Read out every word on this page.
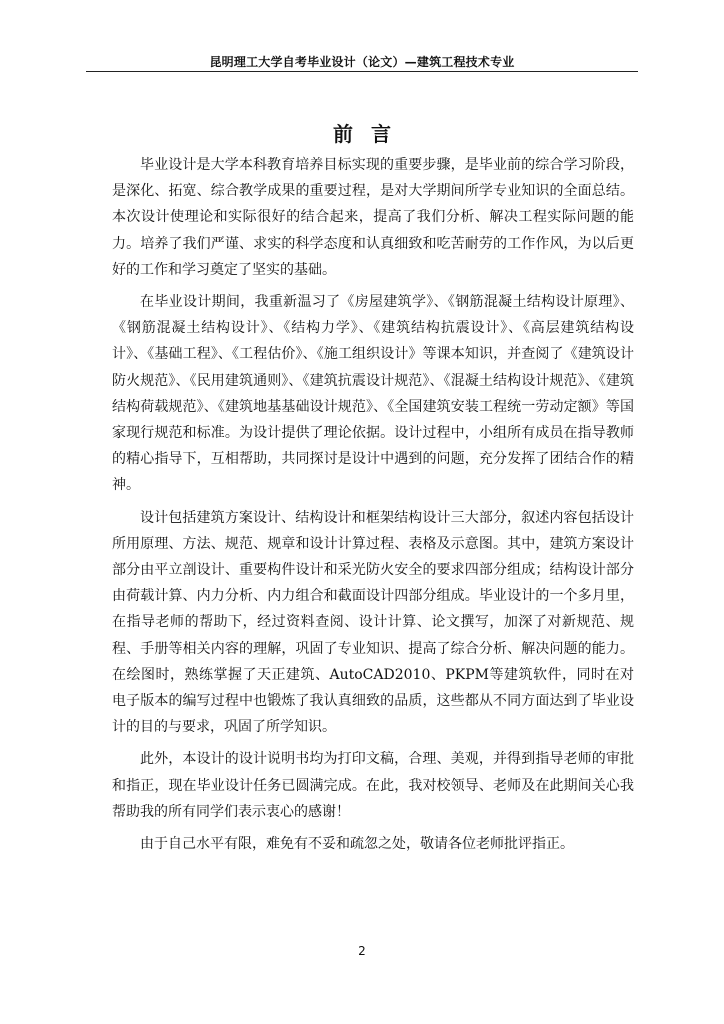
昆明理工大学自考毕业设计（论文）—建筑工程技术专业
前言

毕业设计是大学本科教育培养目标实现的重要步骤，是毕业前的综合学习阶段，是深化、拓宽、综合教学成果的重要过程，是对大学期间所学专业知识的全面总结。本次设计使理论和实际很好的结合起来，提高了我们分析、解决工程实际问题的能力。培养了我们严谨、求实的科学态度和认真细致和吃苦耐劳的工作作风，为以后更好的工作和学习奠定了坚实的基础。

在毕业设计期间，我重新温习了《房屋建筑学》、《钢筋混凝土结构设计原理》、《钢筋混凝土结构设计》、《结构力学》、《建筑结构抗震设计》、《高层建筑结构设计》、《基础工程》、《工程估价》、《施工组织设计》等课本知识，并查阅了《建筑设计防火规范》、《民用建筑通则》、《建筑抗震设计规范》、《混凝土结构设计规范》、《建筑结构荷载规范》、《建筑地基基础设计规范》、《全国建筑安装工程统一劳动定额》等国家现行规范和标准。为设计提供了理论依据。设计过程中，小组所有成员在指导教师的精心指导下，互相帮助，共同探讨是设计中遇到的问题，充分发挥了团结合作的精神。

设计包括建筑方案设计、结构设计和框架结构设计三大部分，叙述内容包括设计所用原理、方法、规范、规章和设计计算过程、表格及示意图。其中，建筑方案设计部分由平立剖设计、重要构件设计和采光防火安全的要求四部分组成；结构设计部分由荷载计算、内力分析、内力组合和截面设计四部分组成。毕业设计的一个多月里，在指导老师的帮助下，经过资料查阅、设计计算、论文撰写，加深了对新规范、规程、手册等相关内容的理解，巩固了专业知识、提高了综合分析、解决问题的能力。在绘图时，熟练掌握了天正建筑、AutoCAD2010、PKPM等建筑软件，同时在对电子版本的编写过程中也锻炼了我认真细致的品质，这些都从不同方面达到了毕业设计的目的与要求，巩固了所学知识。

此外，本设计的设计说明书均为打印文稿，合理、美观，并得到指导老师的审批和指正，现在毕业设计任务已圆满完成。在此，我对校领导、老师及在此期间关心我帮助我的所有同学们表示衷心的感谢！

由于自己水平有限，难免有不妥和疏忽之处，敬请各位老师批评指正。

2
